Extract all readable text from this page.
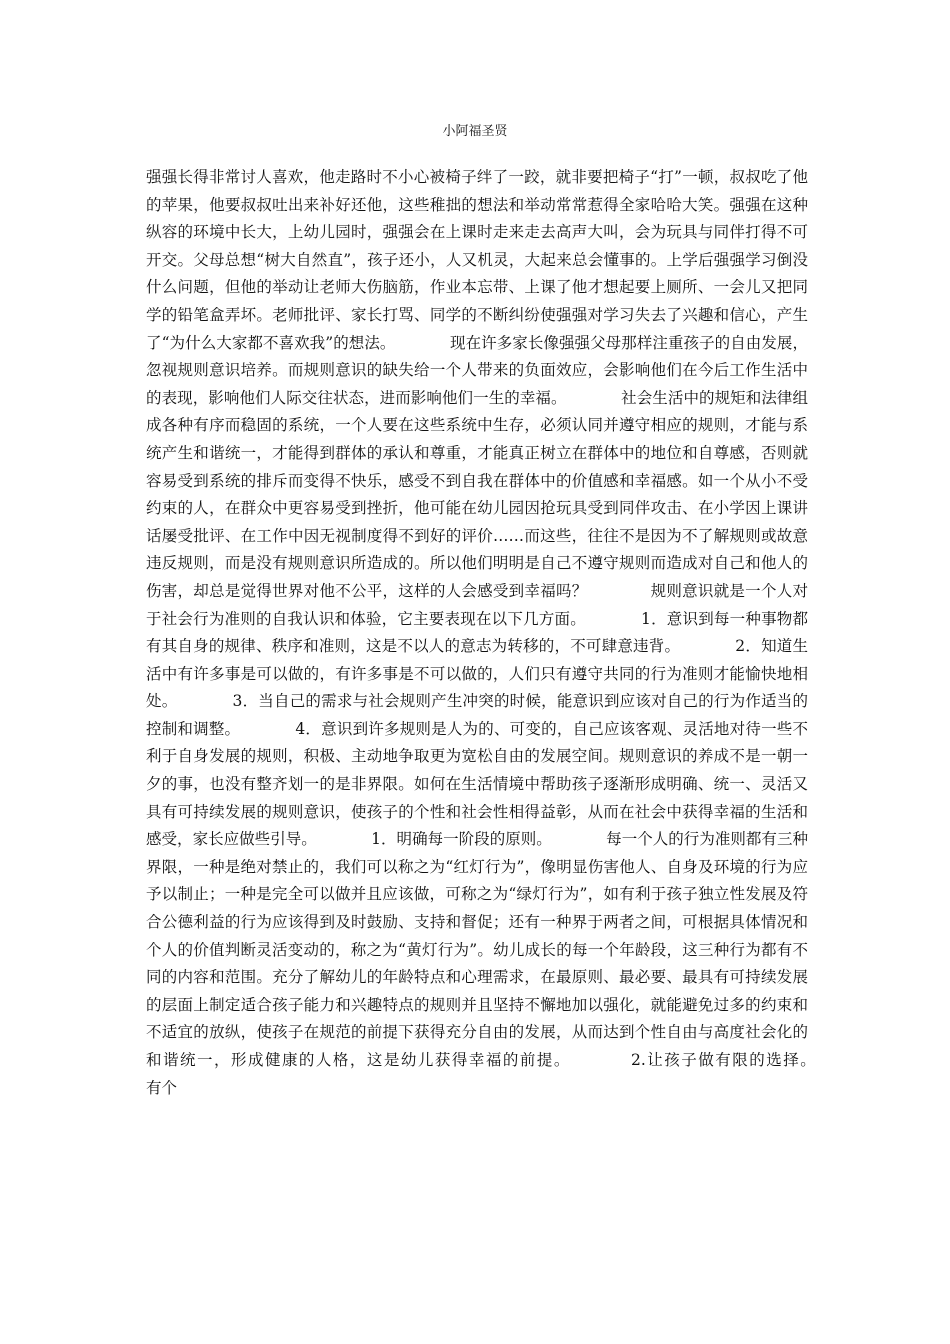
小阿福圣贤

强强长得非常讨人喜欢，他走路时不小心被椅子绊了一跤，就非要把椅子“打”一顿，叔叔吃了他的苹果，他要叔叔吐出来补好还他，这些稚拙的想法和举动常常惹得全家哈哈大笑。强强在这种纵容的环境中长大，上幼儿园时，强强会在上课时走来走去高声大叫，会为玩具与同伴打得不可开交。父母总想“树大自然直”，孩子还小，人又机灵，大起来总会懂事的。上学后强强学习倒没什么问题，但他的举动让老师大伤脑筋，作业本忘带、上课了他才想起要上厕所、一会儿又把同学的铅笔盒弄坏。老师批评、家长打骂、同学的不断纠纷使强强对学习失去了兴趣和信心，产生了“为什么大家都不喜欢我”的想法。　　　　现在许多家长像强强父母那样注重孩子的自由发展，忽视规则意识培养。而规则意识的缺失给一个人带来的负面效应，会影响他们在今后工作生活中的表现，影响他们人际交往状态，进而影响他们一生的幸福。　　　　社会生活中的规矩和法律组成各种有序而稳固的系统，一个人要在这些系统中生存，必须认同并遵守相应的规则，才能与系统产生和谐统一，才能得到群体的承认和尊重，才能真正树立在群体中的地位和自尊感，否则就容易受到系统的排斥而变得不快乐，感受不到自我在群体中的价值感和幸福感。如一个从小不受约束的人，在群众中更容易受到挫折，他可能在幼儿园因抢玩具受到同伴攻击、在小学因上课讲话屡受批评、在工作中因无视制度得不到好的评价……而这些，往往不是因为不了解规则或故意违反规则，而是没有规则意识所造成的。所以他们明明是自己不遵守规则而造成对自己和他人的伤害，却总是觉得世界对他不公平，这样的人会感受到幸福吗？　　　　规则意识就是一个人对于社会行为准则的自我认识和体验，它主要表现在以下几方面。　　　　1．意识到每一种事物都有其自身的规律、秩序和准则，这是不以人的意志为转移的，不可肆意违背。　　　　2．知道生活中有许多事是可以做的，有许多事是不可以做的，人们只有遵守共同的行为准则才能愉快地相处。　　　　3．当自己的需求与社会规则产生冲突的时候，能意识到应该对自己的行为作适当的控制和调整。　　　　4．意识到许多规则是人为的、可变的，自己应该客观、灵活地对待一些不利于自身发展的规则，积极、主动地争取更为宽松自由的发展空间。规则意识的养成不是一朝一夕的事，也没有整齐划一的是非界限。如何在生活情境中帮助孩子逐渐形成明确、统一、灵活又具有可持续发展的规则意识，使孩子的个性和社会性相得益彰，从而在社会中获得幸福的生活和感受，家长应做些引导。　　　　1．明确每一阶段的原则。　　　　每一个人的行为准则都有三种界限，一种是绝对禁止的，我们可以称之为“红灯行为”，像明显伤害他人、自身及环境的行为应予以制止；一种是完全可以做并且应该做，可称之为“绿灯行为”，如有利于孩子独立性发展及符合公德利益的行为应该得到及时鼓励、支持和督促；还有一种界于两者之间，可根据具体情况和个人的价值判断灵活变动的，称之为“黄灯行为”。幼儿成长的每一个年龄段，这三种行为都有不同的内容和范围。充分了解幼儿的年龄特点和心理需求，在最原则、最必要、最具有可持续发展的层面上制定适合孩子能力和兴趣特点的规则并且坚持不懈地加以强化，就能避免过多的约束和不适宜的放纵，使孩子在规范的前提下获得充分自由的发展，从而达到个性自由与高度社会化的和谐统一，形成健康的人格，这是幼儿获得幸福的前提。　　　　2.让孩子做有限的选择。　　　　有个
